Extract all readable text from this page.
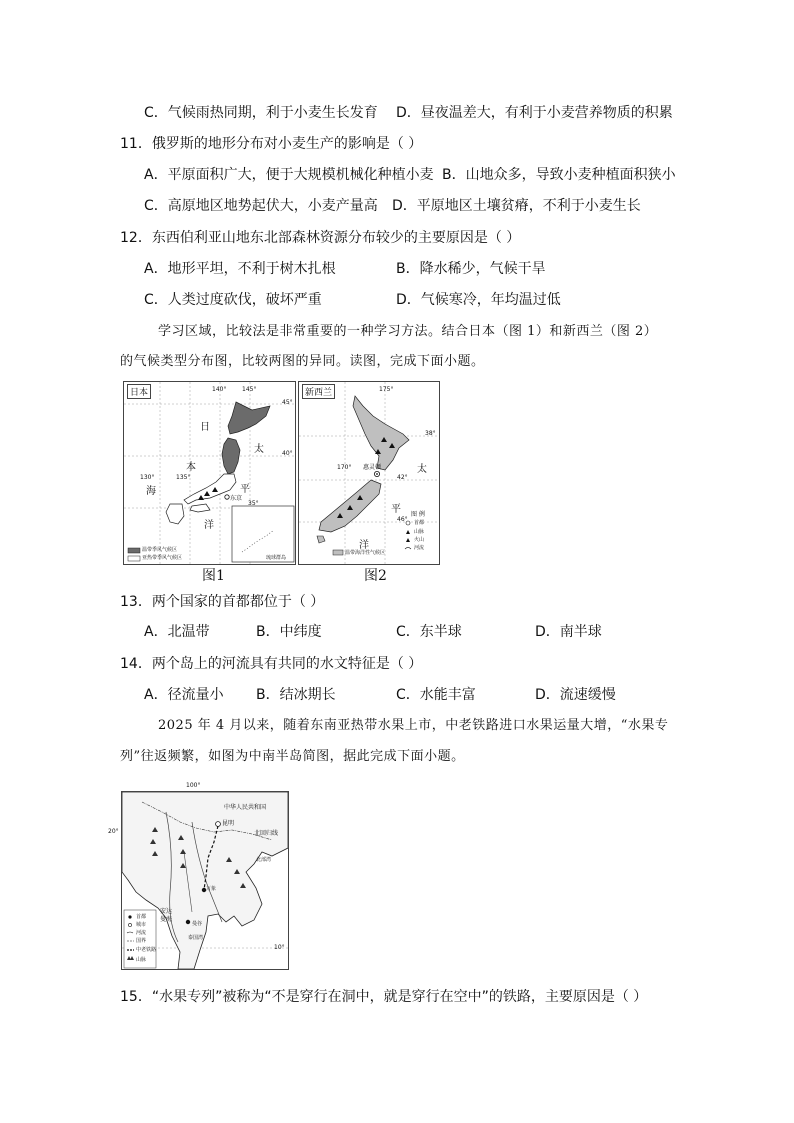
C．气候雨热同期，利于小麦生长发育 D．昼夜温差大，有利于小麦营养物质的积累
11．俄罗斯的地形分布对小麦生产的影响是（ ）
A．平原面积广大，便于大规模机械化种植小麦 B．山地众多，导致小麦种植面积狭小
C．高原地区地势起伏大，小麦产量高 D．平原地区土壤贫瘠，不利于小麦生长
12．东西伯利亚山地东北部森林资源分布较少的主要原因是（ ）
A．地形平坦，不利于树木扎根	B．降水稀少，气候干旱
C．人类过度砍伐，破坏严重	D．气候寒冷，年均温过低
学习区域，比较法是非常重要的一种学习方法。结合日本（图 1）和新西兰（图 2）
的气候类型分布图，比较两图的异同。读图，完成下面小题。
日本	140°	145°
45°
40°
35°
130°	135°
日
本
海
太
平
洋
东京
温带季风气候区
亚热带季风气候区	琉球群岛
图1
新西兰	175°
170°
38°
42°
46°
惠灵顿	太
平
洋
图 例
首都
山脉
火山
河流
温带海洋性气候区
图2
13．两个国家的首都都位于（ ）
A．北温带	B．中纬度	C．东半球	D．南半球
14．两个岛上的河流具有共同的水文特征是（ ）
A．径流量小 B．结冰期长	C．水能丰富	D．流速缓慢
2025 年 4 月以来，随着东南亚热带水果上市，中老铁路进口水果运量大增，“水果专
列”往返频繁，如图为中南半岛简图，据此完成下面小题。
100°
中华人民共和国
昆明
北回归线
北部湾
万象
曼谷
安达曼海
泰国湾
首都
城市
河流
国界
中老铁路
山脉
20°
10°
15．“水果专列”被称为“不是穿行在洞中，就是穿行在空中”的铁路，主要原因是（ ）
